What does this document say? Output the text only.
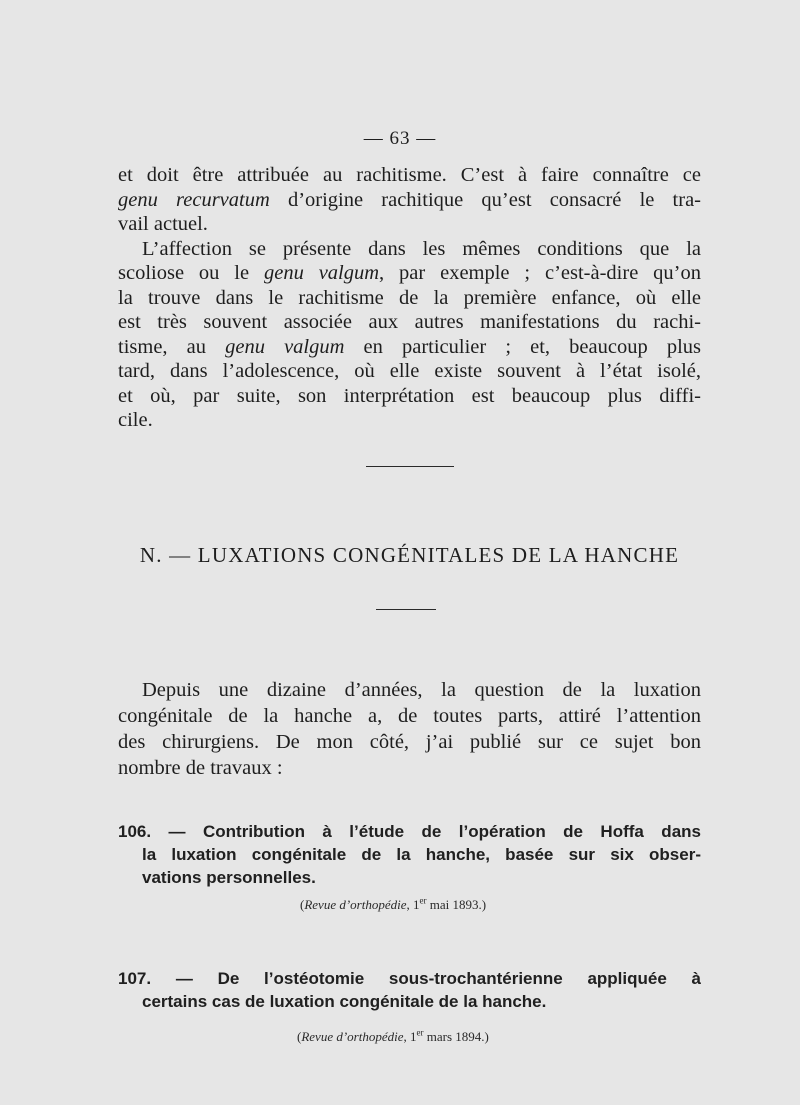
— 63 —
et doit être attribuée au rachitisme. C’est à faire connaître ce
genu recurvatum d’origine rachitique qu’est consacré le tra-
vail actuel.
L’affection se présente dans les mêmes conditions que la
scoliose ou le genu valgum, par exemple ; c’est-à-dire qu’on
la trouve dans le rachitisme de la première enfance, où elle
est très souvent associée aux autres manifestations du rachi-
tisme, au genu valgum en particulier ; et, beaucoup plus
tard, dans l’adolescence, où elle existe souvent à l’état isolé,
et où, par suite, son interprétation est beaucoup plus diffi-
cile.
N. — LUXATIONS CONGÉNITALES DE LA HANCHE
Depuis une dizaine d’années, la question de la luxation
congénitale de la hanche a, de toutes parts, attiré l’attention
des chirurgiens. De mon côté, j’ai publié sur ce sujet bon
nombre de travaux :
106. — Contribution à l’étude de l’opération de Hoffa dans
la luxation congénitale de la hanche, basée sur six obser-
vations personnelles.
(Revue d’orthopédie, 1er mai 1893.)
107. — De l’ostéotomie sous-trochantérienne appliquée à
certains cas de luxation congénitale de la hanche.
(Revue d’orthopédie, 1er mars 1894.)
